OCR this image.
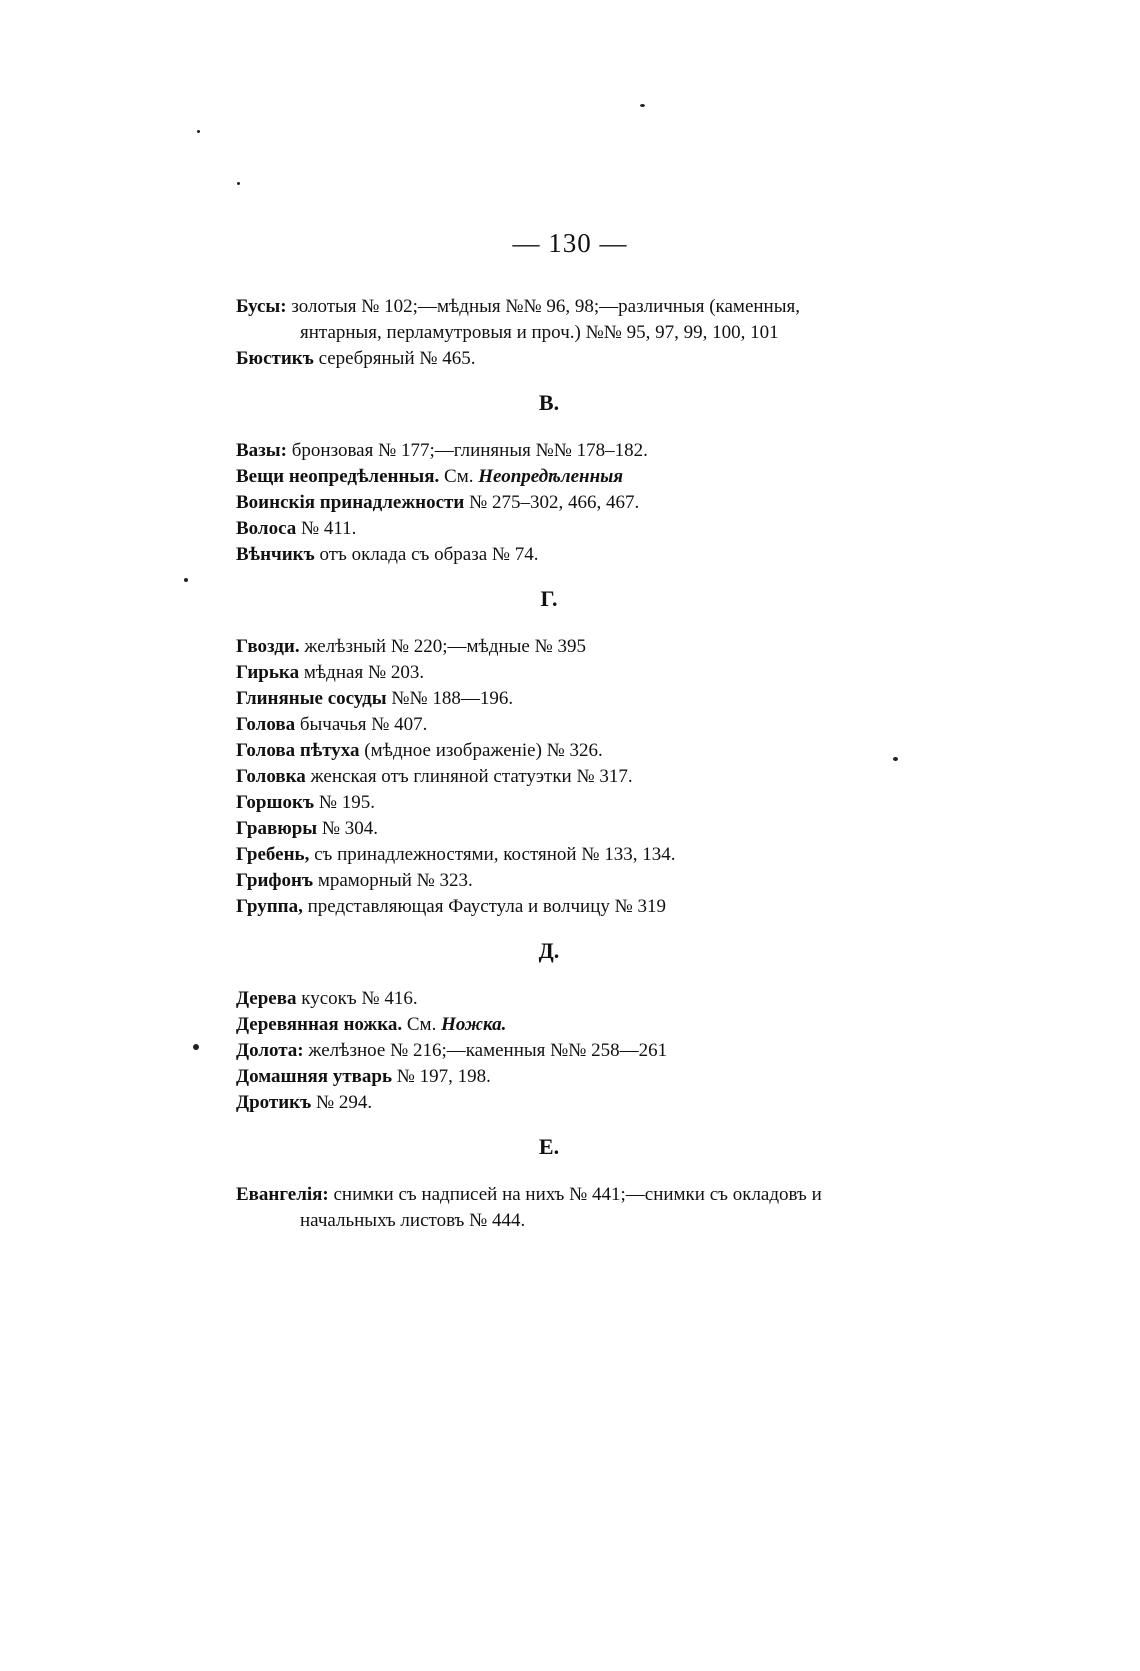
— 130 —

Бусы: золотыя № 102;—мѣдныя №№ 96, 98;—различныя (каменныя, янтарныя, перламутровыя и проч.) №№ 95, 97, 99, 100, 101

Бюстикъ серебряный № 465.

В.

Вазы: бронзовая № 177;—глиняныя №№ 178–182.

Вещи неопредѣленныя. См. Неопредѣленныя

Воинскія принадлежности № 275–302, 466, 467.

Волоса № 411.

Вѣнчикъ отъ оклада съ образа № 74.

Г.

Гвозди. желѣзный № 220;—мѣдные № 395

Гирька мѣдная № 203.

Глиняные сосуды №№ 188—196.

Голова бычачья № 407.

Голова пѣтуха (мѣдное изображеніе) № 326.

Головка женская отъ глиняной статуэтки № 317.

Горшокъ № 195.

Гравюры № 304.

Гребень, съ принадлежностями, костяной № 133, 134.

Грифонъ мраморный № 323.

Группа, представляющая Фаустула и волчицу № 319

Д.

Дерева кусокъ № 416.

Деревянная ножка. См. Ножка.

Долота: желѣзное № 216;—каменныя №№ 258—261

Домашняя утварь № 197, 198.

Дротикъ № 294.

Е.

Евангелія: снимки съ надписей на нихъ № 441;—снимки съ окладовъ и начальныхъ листовъ № 444.
